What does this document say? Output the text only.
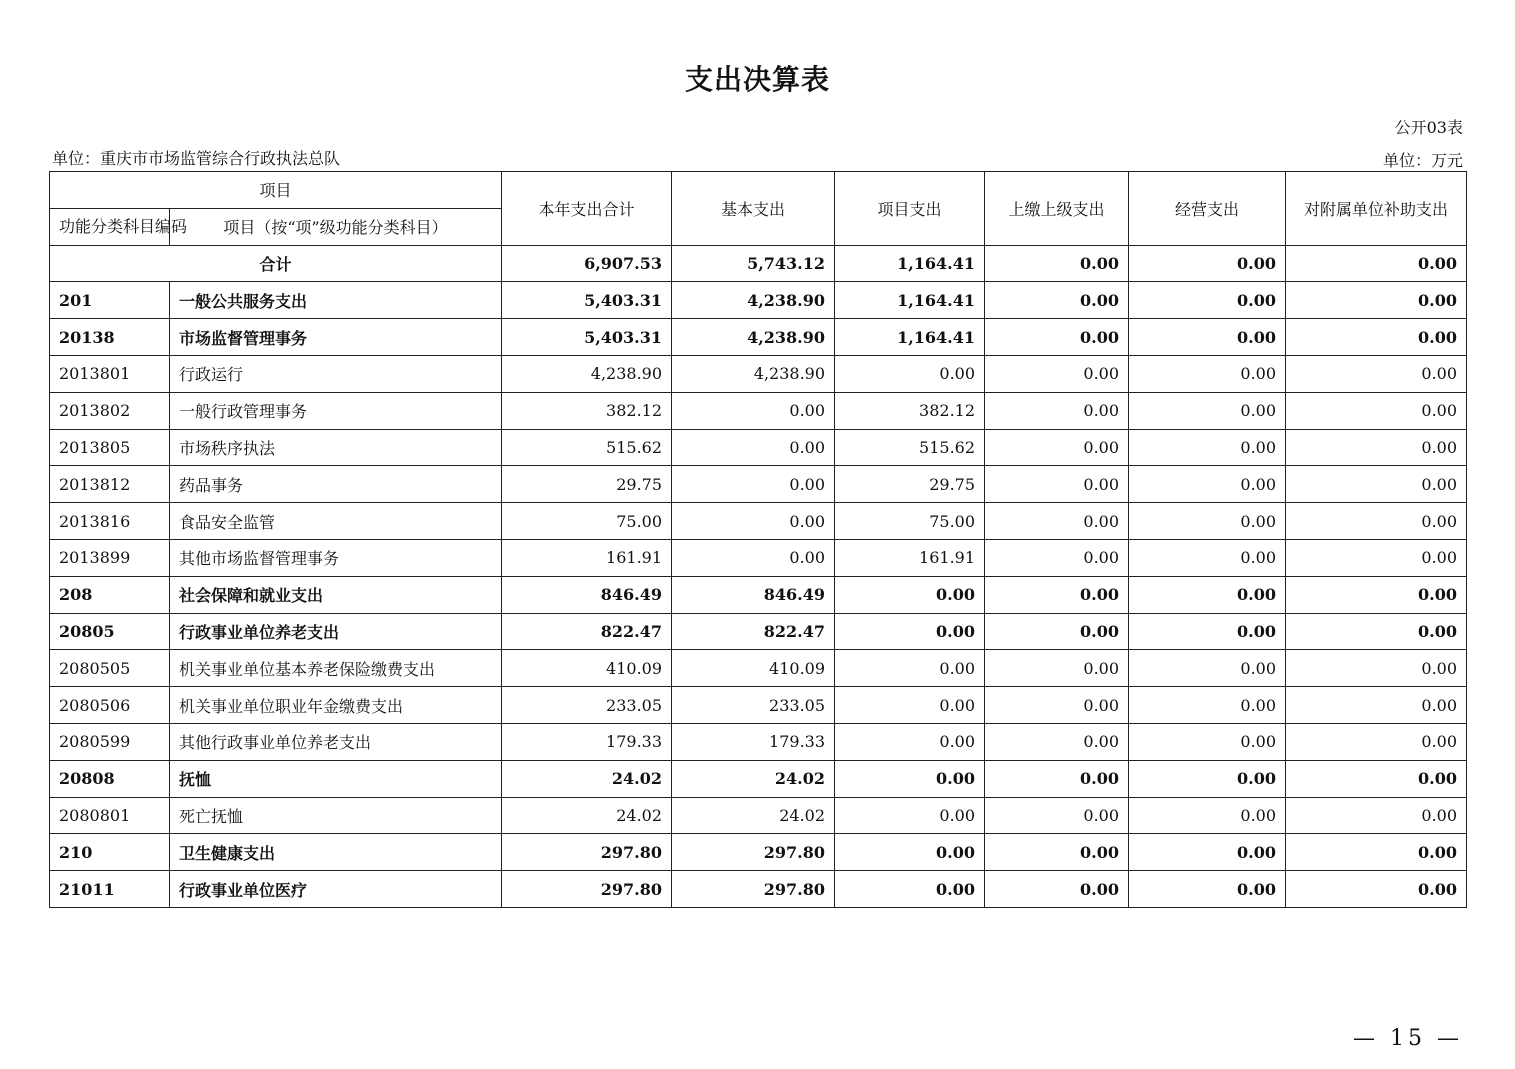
支出决算表
公开03表
单位：重庆市市场监管综合行政执法总队	单位：万元
项目		本年支出合计	基本支出	项目支出	上缴上级支出	经营支出	对附属单位补助支出
功能分类科目编码	项目（按“项”级功能分类科目）						
合计		6,907.53	5,743.12	1,164.41	0.00	0.00	0.00
201	一般公共服务支出	5,403.31	4,238.90	1,164.41	0.00	0.00	0.00
20138	市场监督管理事务	5,403.31	4,238.90	1,164.41	0.00	0.00	0.00
2013801	行政运行	4,238.90	4,238.90	0.00	0.00	0.00	0.00
2013802	一般行政管理事务	382.12	0.00	382.12	0.00	0.00	0.00
2013805	市场秩序执法	515.62	0.00	515.62	0.00	0.00	0.00
2013812	药品事务	29.75	0.00	29.75	0.00	0.00	0.00
2013816	食品安全监管	75.00	0.00	75.00	0.00	0.00	0.00
2013899	其他市场监督管理事务	161.91	0.00	161.91	0.00	0.00	0.00
208	社会保障和就业支出	846.49	846.49	0.00	0.00	0.00	0.00
20805	行政事业单位养老支出	822.47	822.47	0.00	0.00	0.00	0.00
2080505	机关事业单位基本养老保险缴费支出	410.09	410.09	0.00	0.00	0.00	0.00
2080506	机关事业单位职业年金缴费支出	233.05	233.05	0.00	0.00	0.00	0.00
2080599	其他行政事业单位养老支出	179.33	179.33	0.00	0.00	0.00	0.00
20808	抚恤	24.02	24.02	0.00	0.00	0.00	0.00
2080801	死亡抚恤	24.02	24.02	0.00	0.00	0.00	0.00
210	卫生健康支出	297.80	297.80	0.00	0.00	0.00	0.00
21011	行政事业单位医疗	297.80	297.80	0.00	0.00	0.00	0.00
— 15 —
